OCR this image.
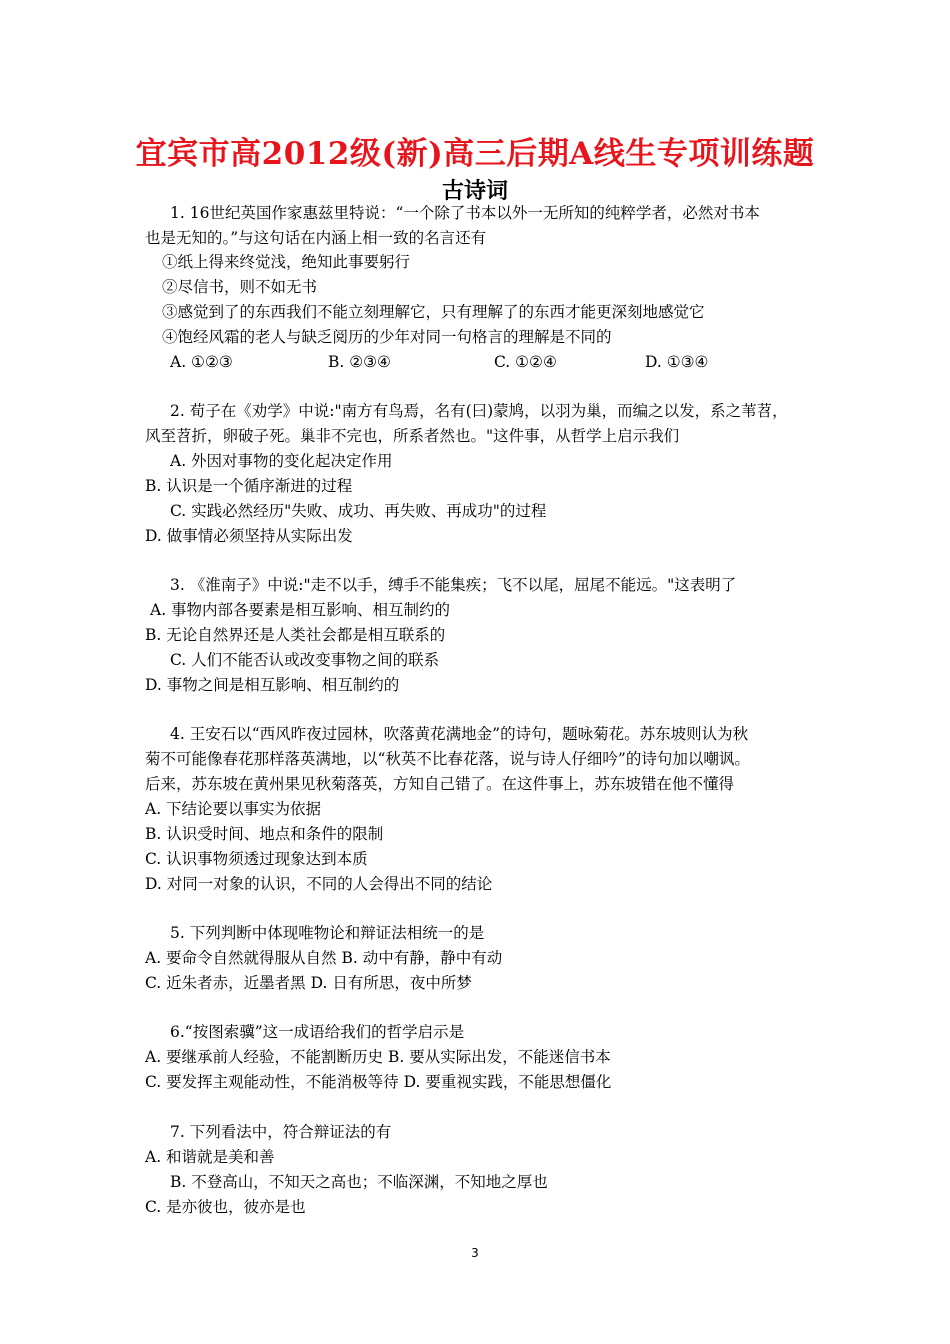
宜宾市高2012级(新)高三后期A线生专项训练题
古诗词
1. 16世纪英国作家惠兹里特说：“一个除了书本以外一无所知的纯粹学者，必然对书本
也是无知的。”与这句话在内涵上相一致的名言还有
①纸上得来终觉浅，绝知此事要躬行
②尽信书，则不如无书
③感觉到了的东西我们不能立刻理解它，只有理解了的东西才能更深刻地感觉它
④饱经风霜的老人与缺乏阅历的少年对同一句格言的理解是不同的
A. ①②③	B. ②③④	C. ①②④	D. ①③④
2. 荀子在《劝学》中说:"南方有鸟焉，名有(曰)蒙鸠，以羽为巢，而编之以发，系之苇苕，
风至苕折，卵破子死。巢非不完也，所系者然也。"这件事，从哲学上启示我们
A. 外因对事物的变化起决定作用
B. 认识是一个循序渐进的过程
C. 实践必然经历"失败、成功、再失败、再成功"的过程
D. 做事情必须坚持从实际出发
3. 《淮南子》中说:"走不以手，缚手不能集疾；飞不以尾，屈尾不能远。"这表明了
A. 事物内部各要素是相互影响、相互制约的
B. 无论自然界还是人类社会都是相互联系的
C. 人们不能否认或改变事物之间的联系
D. 事物之间是相互影响、相互制约的
4. 王安石以“西风昨夜过园林，吹落黄花满地金”的诗句，题咏菊花。苏东坡则认为秋
菊不可能像春花那样落英满地，以“秋英不比春花落，说与诗人仔细吟”的诗句加以嘲讽。
后来，苏东坡在黄州果见秋菊落英，方知自己错了。在这件事上，苏东坡错在他不懂得
A. 下结论要以事实为依据
B. 认识受时间、地点和条件的限制
C. 认识事物须透过现象达到本质
D. 对同一对象的认识，不同的人会得出不同的结论
5. 下列判断中体现唯物论和辩证法相统一的是
A. 要命令自然就得服从自然 B. 动中有静，静中有动
C. 近朱者赤，近墨者黑 D. 日有所思，夜中所梦
6.“按图索骥”这一成语给我们的哲学启示是
A. 要继承前人经验，不能割断历史 B. 要从实际出发，不能迷信书本
C. 要发挥主观能动性，不能消极等待 D. 要重视实践，不能思想僵化
7. 下列看法中，符合辩证法的有
A. 和谐就是美和善
B. 不登高山，不知天之高也；不临深渊，不知地之厚也
C. 是亦彼也，彼亦是也
3
